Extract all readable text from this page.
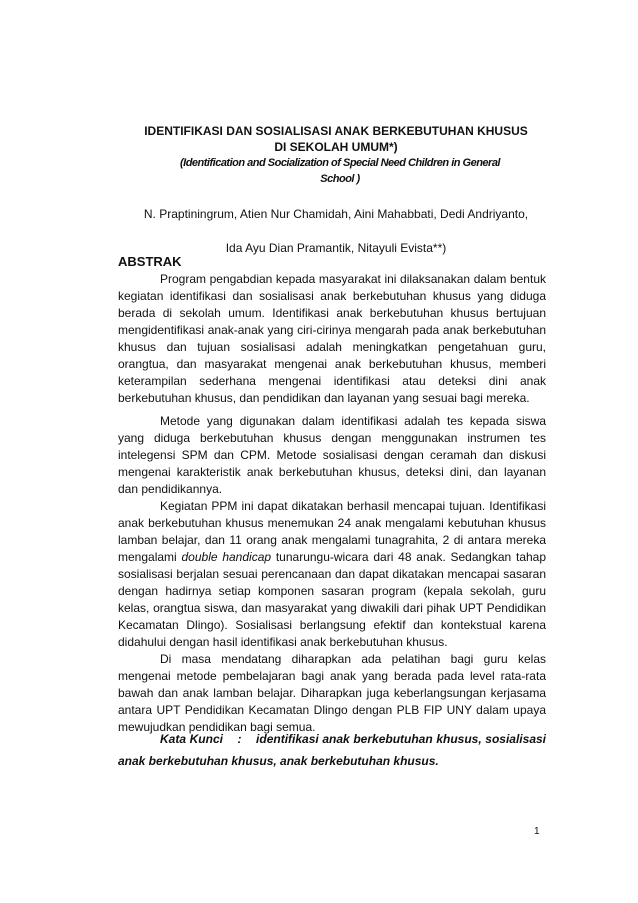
IDENTIFIKASI DAN SOSIALISASI ANAK BERKEBUTUHAN KHUSUS
DI SEKOLAH UMUM*)
(Identification and Socialization of Special Need Children in General
School )
N. Praptiningrum, Atien Nur Chamidah, Aini Mahabbati, Dedi Andriyanto,
Ida Ayu Dian Pramantik, Nitayuli Evista**)
ABSTRAK

Program pengabdian kepada masyarakat ini dilaksanakan dalam bentuk kegiatan identifikasi dan sosialisasi anak berkebutuhan khusus yang diduga berada di sekolah umum. Identifikasi anak berkebutuhan khusus bertujuan mengidentifikasi anak-anak yang ciri-cirinya mengarah pada anak berkebutuhan khusus dan tujuan sosialisasi adalah meningkatkan pengetahuan guru, orangtua, dan masyarakat mengenai anak berkebutuhan khusus, memberi keterampilan sederhana mengenai identifikasi atau deteksi dini anak berkebutuhan khusus, dan pendidikan dan layanan yang sesuai bagi mereka.

Metode yang digunakan dalam identifikasi adalah tes kepada siswa yang diduga berkebutuhan khusus dengan menggunakan instrumen tes intelegensi SPM dan CPM. Metode sosialisasi dengan ceramah dan diskusi mengenai karakteristik anak berkebutuhan khusus, deteksi dini, dan layanan dan pendidikannya.

Kegiatan PPM ini dapat dikatakan berhasil mencapai tujuan. Identifikasi anak berkebutuhan khusus menemukan 24 anak mengalami kebutuhan khusus lamban belajar, dan 11 orang anak mengalami tunagrahita, 2 di antara mereka mengalami double handicap tunarungu-wicara dari 48 anak. Sedangkan tahap sosialisasi berjalan sesuai perencanaan dan dapat dikatakan mencapai sasaran dengan hadirnya setiap komponen sasaran program (kepala sekolah, guru kelas, orangtua siswa, dan masyarakat yang diwakili dari pihak UPT Pendidikan Kecamatan Dlingo). Sosialisasi berlangsung efektif dan kontekstual karena didahului dengan hasil identifikasi anak berkebutuhan khusus.

Di masa mendatang diharapkan ada pelatihan bagi guru kelas mengenai metode pembelajaran bagi anak yang berada pada level rata-rata bawah dan anak lamban belajar. Diharapkan juga keberlangsungan kerjasama antara UPT Pendidikan Kecamatan Dlingo dengan PLB FIP UNY dalam upaya mewujudkan pendidikan bagi semua.

Kata Kunci : identifikasi anak berkebutuhan khusus, sosialisasi anak berkebutuhan khusus, anak berkebutuhan khusus.

1
